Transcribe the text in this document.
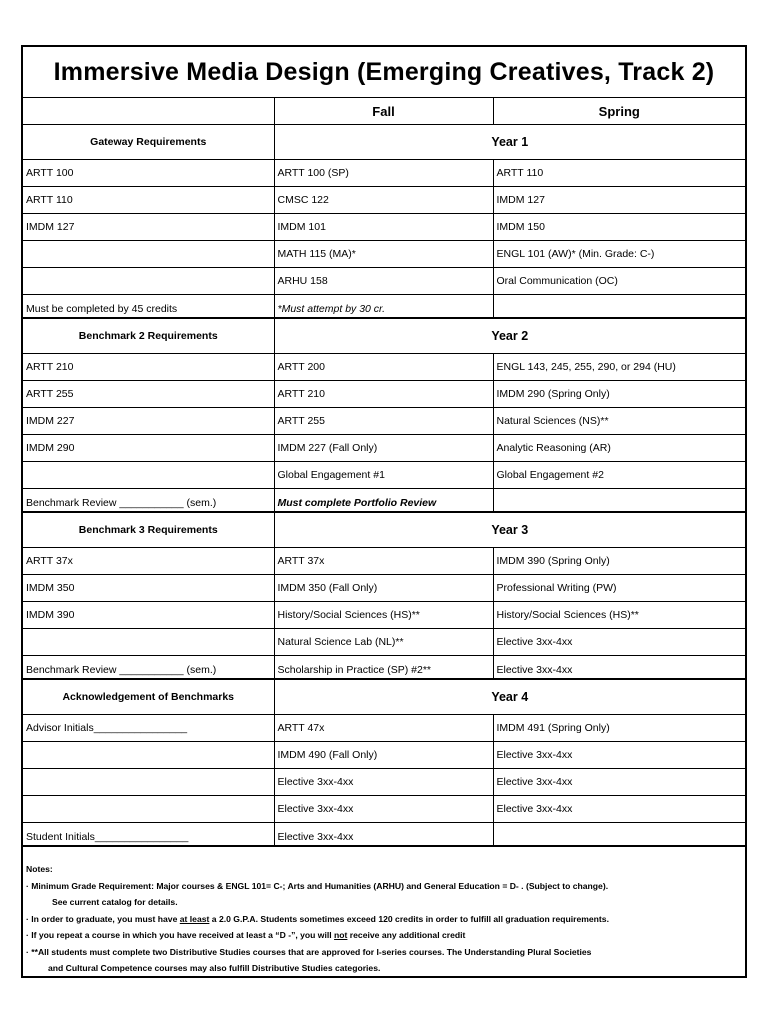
Immersive Media Design (Emerging Creatives, Track 2)
	Fall	Spring
Gateway Requirements	Year 1	
ARTT 100	ARTT 100 (SP)	ARTT 110
ARTT 110	CMSC 122	IMDM 127
IMDM 127	IMDM 101	IMDM 150
	MATH 115 (MA)*	ENGL 101 (AW)* (Min. Grade: C-)
	ARHU 158	Oral Communication (OC)
Must be completed by 45 credits	*Must attempt by 30 cr.	
Benchmark 2 Requirements	Year 2	
ARTT 210	ARTT 200	ENGL 143, 245, 255, 290, or 294 (HU)
ARTT 255	ARTT 210	IMDM 290 (Spring Only)
IMDM 227	ARTT 255	Natural Sciences (NS)**
IMDM 290	IMDM 227 (Fall Only)	Analytic Reasoning (AR)
	Global Engagement #1	Global Engagement #2
Benchmark Review ___________ (sem.)	Must complete Portfolio Review	
Benchmark 3 Requirements	Year 3	
ARTT 37x	ARTT 37x	IMDM 390 (Spring Only)
IMDM 350	IMDM 350 (Fall Only)	Professional Writing (PW)
IMDM 390	History/Social Sciences (HS)**	History/Social Sciences (HS)**
	Natural Science Lab (NL)**	Elective 3xx-4xx
Benchmark Review ___________ (sem.)	Scholarship in Practice (SP) #2**	Elective 3xx-4xx
Acknowledgement of Benchmarks	Year 4	
Advisor Initials________________	ARTT 47x	IMDM 491 (Spring Only)
	IMDM 490 (Fall Only)	Elective 3xx-4xx
	Elective 3xx-4xx	Elective 3xx-4xx
	Elective 3xx-4xx	Elective 3xx-4xx
Student Initials________________	Elective 3xx-4xx	
Notes:
· Minimum Grade Requirement: Major courses & ENGL 101= C-; Arts and Humanities (ARHU) and General Education = D- . (Subject to change).
See current catalog for details.
· In order to graduate, you must have at least a 2.0 G.P.A. Students sometimes exceed 120 credits in order to fulfill all graduation requirements.
· If you repeat a course in which you have received at least a “D -”, you will not receive any additional credit
· **All students must complete two Distributive Studies courses that are approved for I-series courses. The Understanding Plural Societies
and Cultural Competence courses may also fulfill Distributive Studies categories.
